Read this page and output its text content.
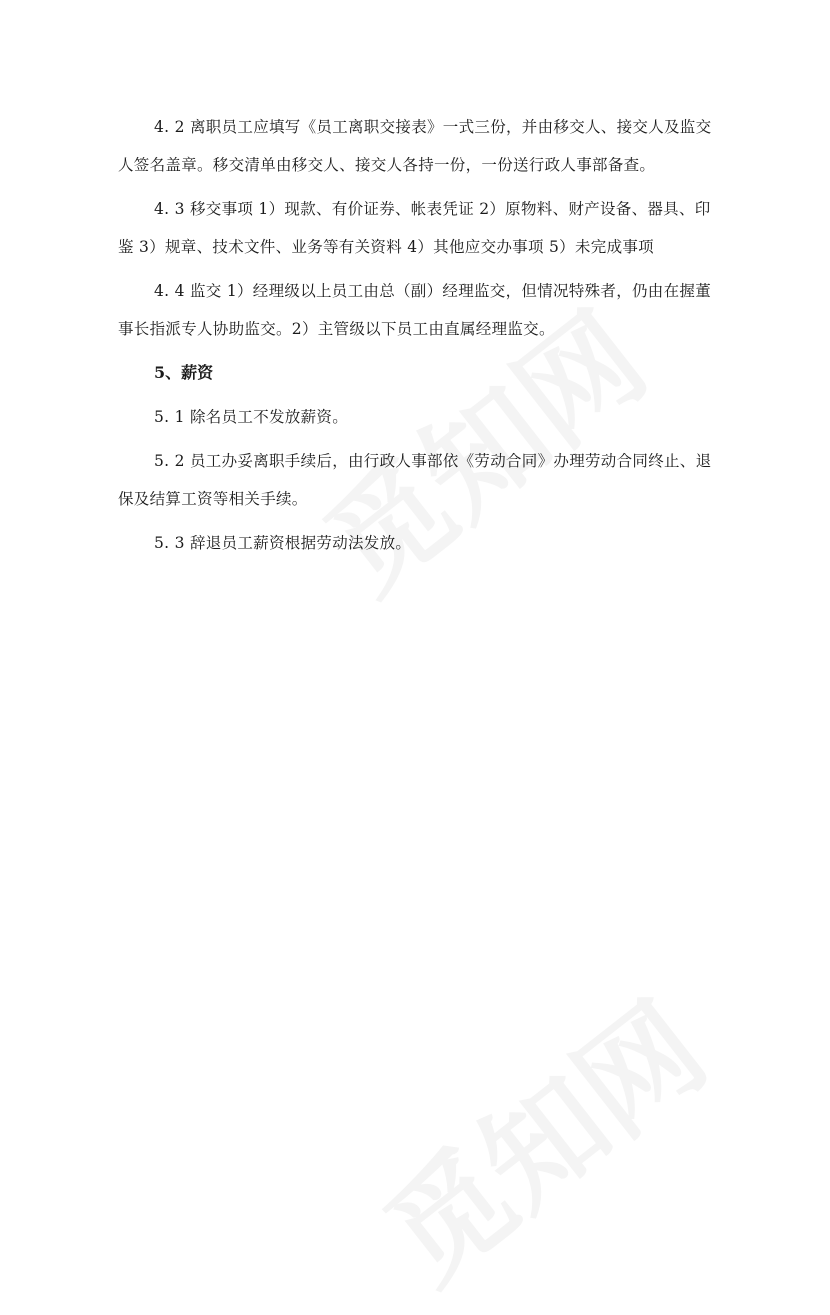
4. 2 离职员工应填写《员工离职交接表》一式三份，并由移交人、接交人及监交人签名盖章。移交清单由移交人、接交人各持一份，一份送行政人事部备查。

4. 3 移交事项 1）现款、有价证券、帐表凭证 2）原物料、财产设备、器具、印鉴 3）规章、技术文件、业务等有关资料 4）其他应交办事项 5）未完成事项

4. 4 监交 1）经理级以上员工由总（副）经理监交，但情况特殊者，仍由在握董事长指派专人协助监交。2）主管级以下员工由直属经理监交。

5、薪资

5. 1 除名员工不发放薪资。

5. 2 员工办妥离职手续后，由行政人事部依《劳动合同》办理劳动合同终止、退保及结算工资等相关手续。

5. 3 辞退员工薪资根据劳动法发放。
